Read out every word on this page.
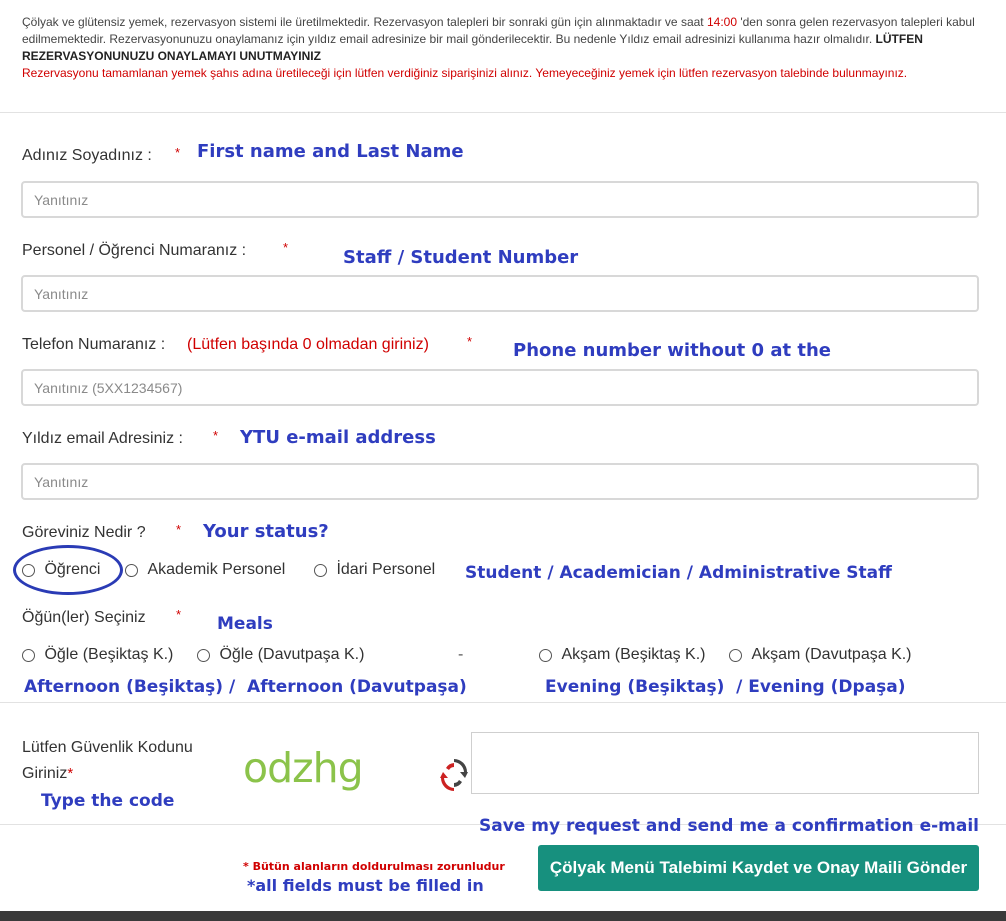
Çölyak ve glütensiz yemek, rezervasyon sistemi ile üretilmektedir. Rezervasyon talepleri bir sonraki gün için alınmaktadır ve saat 14:00 'den sonra gelen rezervasyon talepleri kabul edilmemektedir. Rezervasyonunuzu onaylamanız için yıldız email adresinize bir mail gönderilecektir. Bu nedenle Yıldız email adresinizi kullanıma hazır olmalıdır. LÜTFEN REZERVASYONUNUZU ONAYLAMAYI UNUTMAYINIZ
Rezervasyonu tamamlanan yemek şahıs adına üretileceği için lütfen verdiğiniz siparişinizi alınız. Yemeyeceğiniz yemek için lütfen rezervasyon talebinde bulunmayınız.
Adınız Soyadınız : * First name and Last Name
Yanıtınız
Personel / Öğrenci Numaranız :	*	Staff / Student Number
Yanıtınız
Telefon Numaranız : (Lütfen başında 0 olmadan giriniz)	* Phone number without 0 at the
Yanıtınız (5XX1234567)
Yıldız email Adresiniz : * YTU e-mail address
Yanıtınız
Göreviniz Nedir ? * Your status?
Öğrenci	Akademik Personel	İdari Personel Student / Academician / Administrative Staff
Öğün(ler) Seçiniz * Meals
Öğle (Beşiktaş K.)	Öğle (Davutpaşa K.)	-	Akşam (Beşiktaş K.)	Akşam (Davutpaşa K.)
Afternoon (Beşiktaş) /  Afternoon (Davutpaşa)	Evening (Beşiktaş)  / Evening (Dpaşa)
Lütfen Güvenlik Kodunu
Giriniz*	odzhg
Type the code
Save my request and send me a confirmation e-mail
* Bütün alanların doldurulması zorunludur
*all fields must be filled in
Çölyak Menü Talebimi Kaydet ve Onay Maili Gönder
